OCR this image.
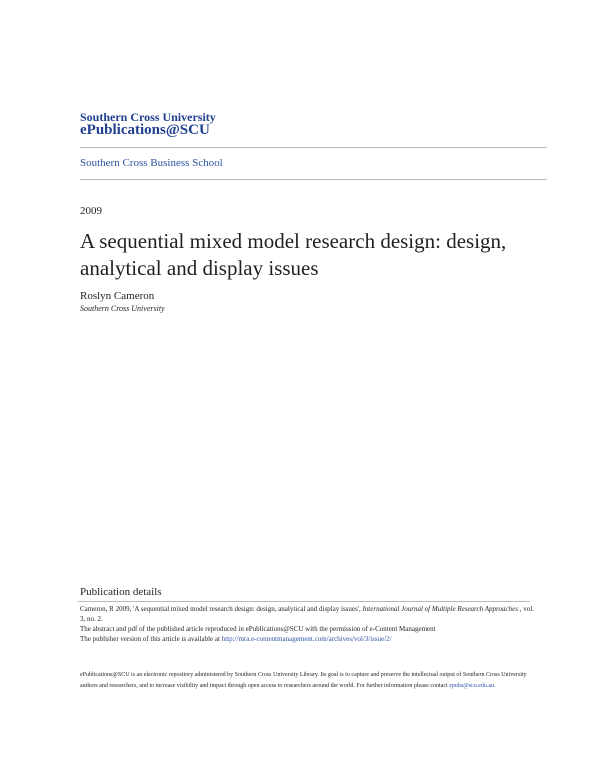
Southern Cross University
ePublications@SCU
Southern Cross Business School
2009
A sequential mixed model research design: design, analytical and display issues
Roslyn Cameron
Southern Cross University
Publication details
Cameron, R 2009, 'A sequential mixed model research design: design, analytical and display issues', International Journal of Multiple Research Approaches , vol. 3, no. 2.
The abstract and pdf of the published article reproduced in ePublications@SCU with the permission of e-Content Management
The publisher version of this article is available at http://mra.e-contentmanagement.com/archives/vol/3/issue/2/
ePublications@SCU is an electronic repository administered by Southern Cross University Library. Its goal is to capture and preserve the intellectual output of Southern Cross University authors and researchers, and to increase visibility and impact through open access to researchers around the world. For further information please contact epubs@scu.edu.au.
